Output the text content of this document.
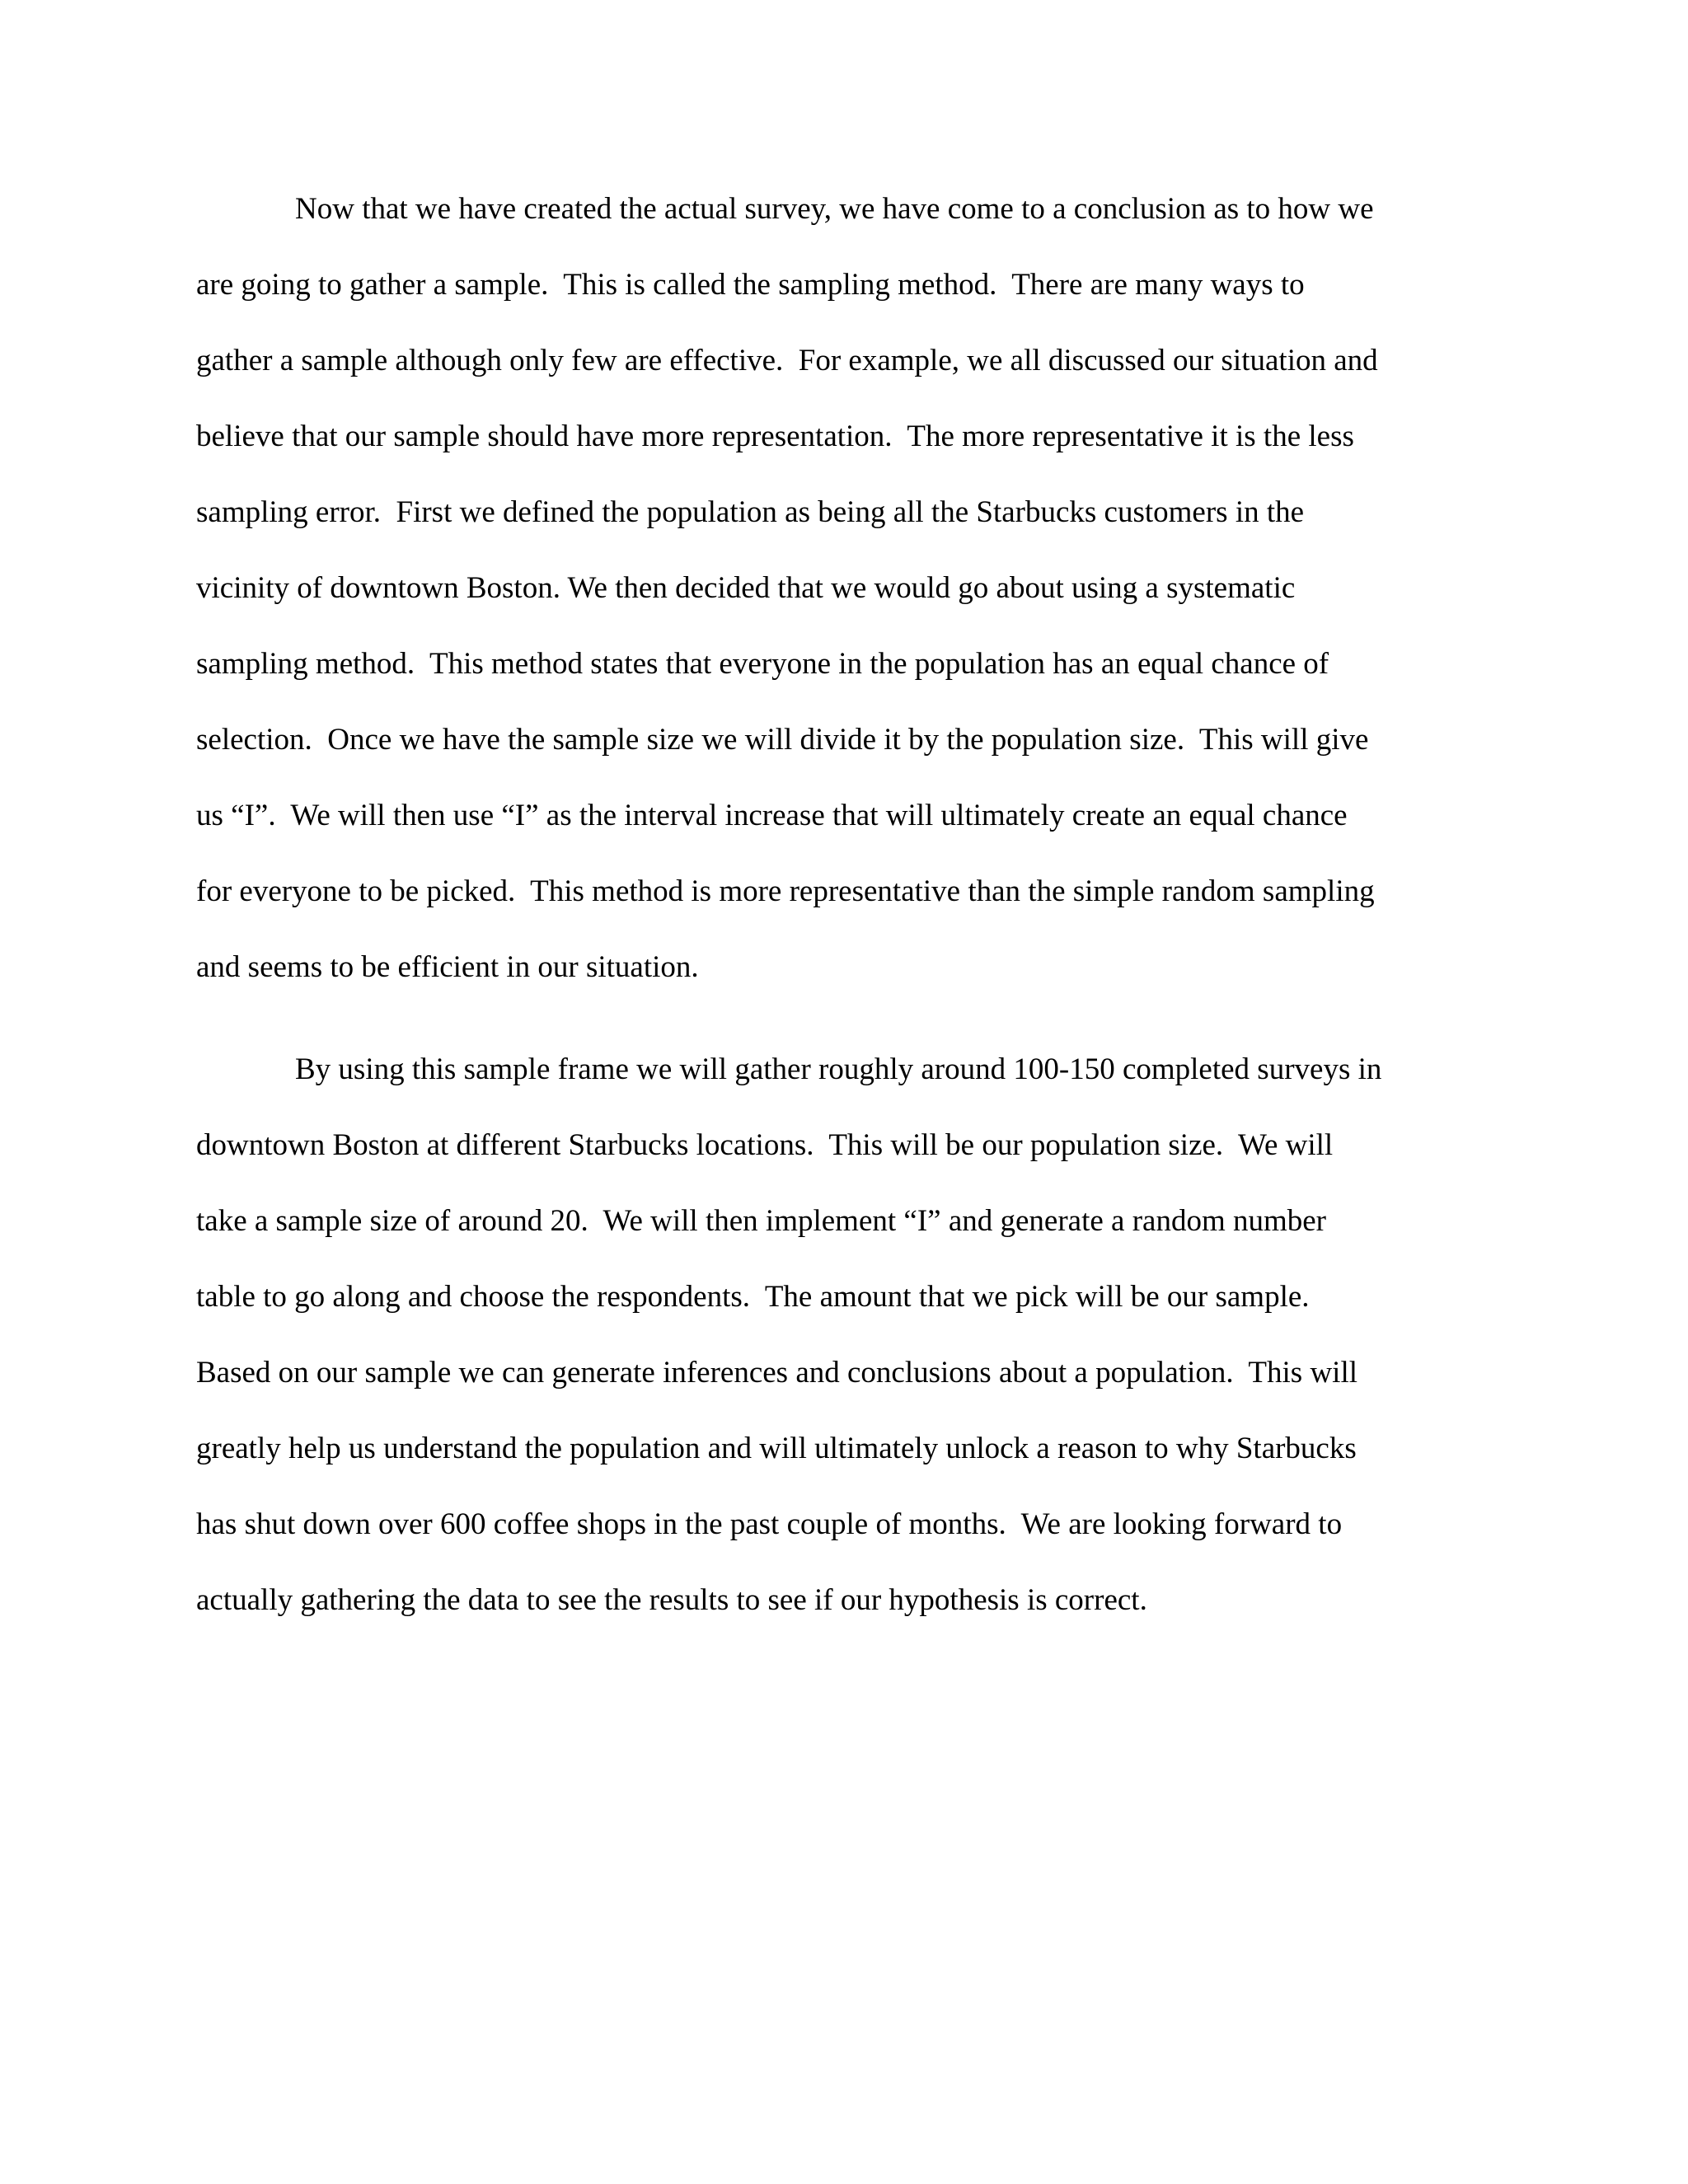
Now that we have created the actual survey, we have come to a conclusion as to how we
are going to gather a sample.  This is called the sampling method.  There are many ways to
gather a sample although only few are effective.  For example, we all discussed our situation and
believe that our sample should have more representation.  The more representative it is the less
sampling error.  First we defined the population as being all the Starbucks customers in the
vicinity of downtown Boston. We then decided that we would go about using a systematic
sampling method.  This method states that everyone in the population has an equal chance of
selection.  Once we have the sample size we will divide it by the population size.  This will give
us “I”.  We will then use “I” as the interval increase that will ultimately create an equal chance
for everyone to be picked.  This method is more representative than the simple random sampling
and seems to be efficient in our situation.
By using this sample frame we will gather roughly around 100-150 completed surveys in
downtown Boston at different Starbucks locations.  This will be our population size.  We will
take a sample size of around 20.  We will then implement “I” and generate a random number
table to go along and choose the respondents.  The amount that we pick will be our sample.
Based on our sample we can generate inferences and conclusions about a population.  This will
greatly help us understand the population and will ultimately unlock a reason to why Starbucks
has shut down over 600 coffee shops in the past couple of months.  We are looking forward to
actually gathering the data to see the results to see if our hypothesis is correct.
